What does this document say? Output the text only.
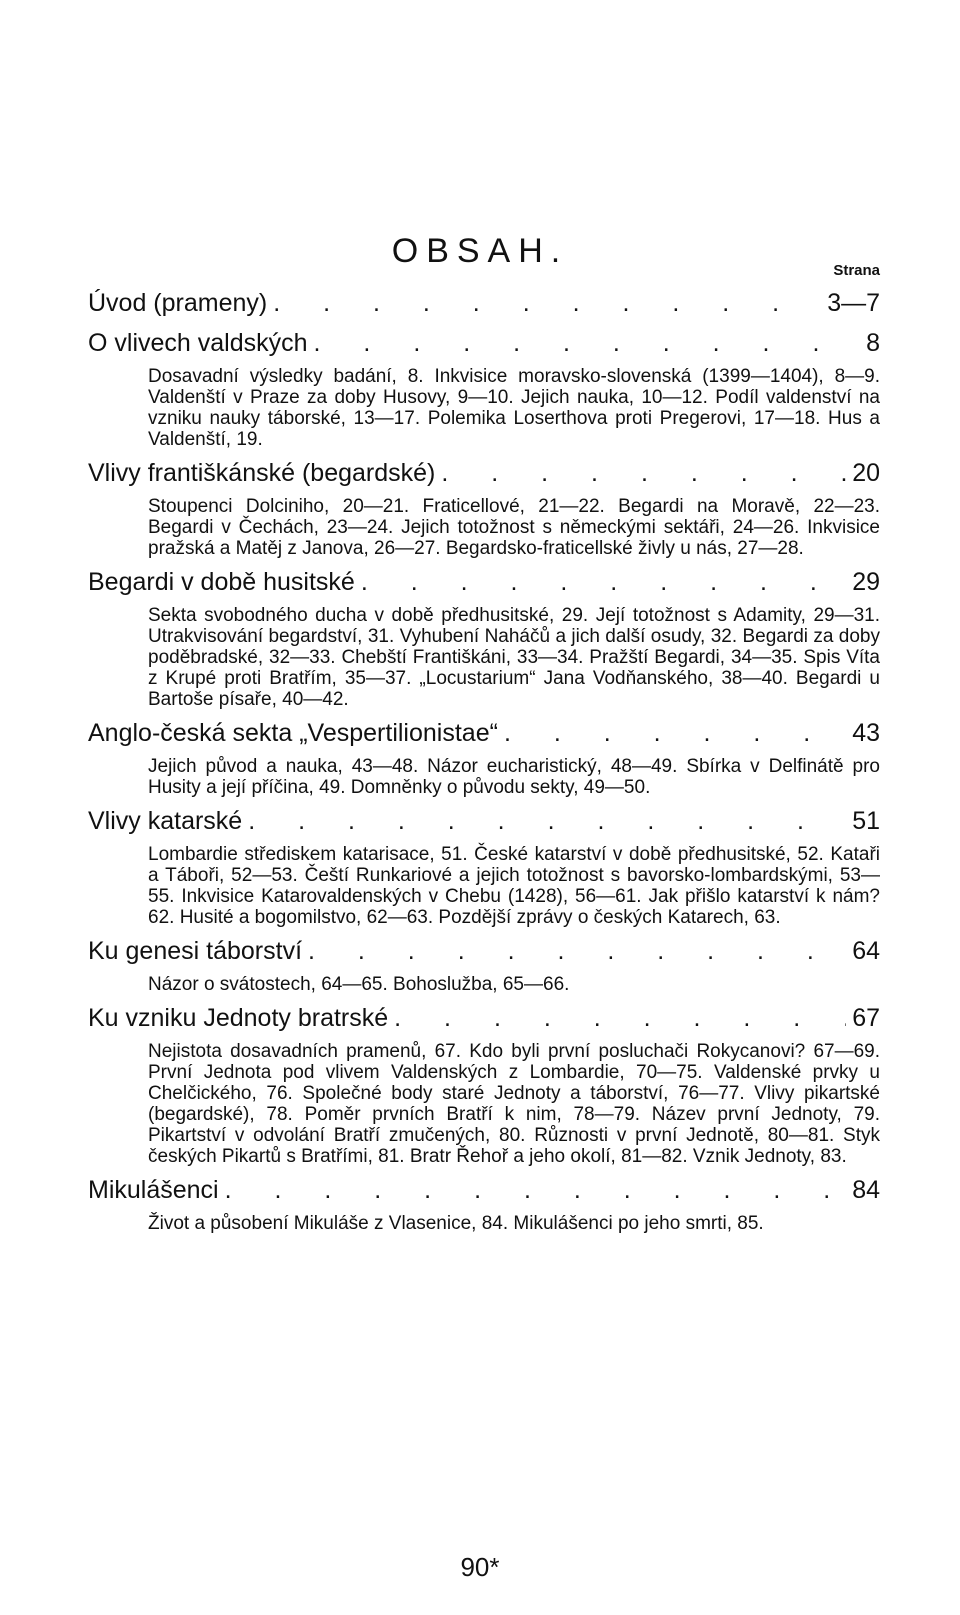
OBSAH.
Strana
Úvod (prameny) . . .	3—7
O vlivech valdských . . .	8
Dosavadní výsledky badání, 8. Inkvisice moravsko-slovenská (1399—1404), 8—9. Valdenští v Praze za doby Husovy, 9—10. Jejich nauka, 10—12. Podíl valdenství na vzniku nauky táborské, 13—17. Polemika Loserthova proti Pregerovi, 17—18. Hus a Valdenští, 19.
Vlivy františkánské (begardské) . . .	20
Stoupenci Dolciniho, 20—21. Fraticellové, 21—22. Begardi na Moravě, 22—23. Begardi v Čechách, 23—24. Jejich totožnost s německými sektáři, 24—26. Inkvisice pražská a Matěj z Janova, 26—27. Begardsko-fraticellské živly u nás, 27—28.
Begardi v době husitské . . .	29
Sekta svobodného ducha v době předhusitské, 29. Její totožnost s Adamity, 29—31. Utrakvisování begardství, 31. Vyhubení Naháčů a jich další osudy, 32. Begardi za doby poděbradské, 32—33. Chebští Františkáni, 33—34. Pražští Begardi, 34—35. Spis Víta z Krupé proti Bratřím, 35—37. „Locustarium“ Jana Vodňanského, 38—40. Begardi u Bartoše písaře, 40—42.
Anglo-česká sekta „Vespertilionistae“ . . .	43
Jejich původ a nauka, 43—48. Názor eucharistický, 48—49. Sbírka v Delfinátě pro Husity a její příčina, 49. Domněnky o původu sekty, 49—50.
Vlivy katarské . . .	51
Lombardie střediskem katarisace, 51. České katarství v době předhusitské, 52. Kataři a Táboři, 52—53. Čeští Runkariové a jejich totožnost s bavorsko-lombardskými, 53—55. Inkvisice Katarovaldenských v Chebu (1428), 56—61. Jak přišlo katarství k nám? 62. Husité a bogomilstvo, 62—63. Pozdější zprávy o českých Katarech, 63.
Ku genesi táborství . . .	64
Názor o svátostech, 64—65. Bohoslužba, 65—66.
Ku vzniku Jednoty bratrské . . .	67
Nejistota dosavadních pramenů, 67. Kdo byli první posluchači Rokycanovi? 67—69. První Jednota pod vlivem Valdenských z Lombardie, 70—75. Valdenské prvky u Chelčického, 76. Společné body staré Jednoty a táborství, 76—77. Vlivy pikartské (begardské), 78. Poměr prvních Bratří k nim, 78—79. Název první Jednoty, 79. Pikartství v odvolání Bratří zmučených, 80. Různosti v první Jednotě, 80—81. Styk českých Pikartů s Bratřími, 81. Bratr Řehoř a jeho okolí, 81—82. Vznik Jednoty, 83.
Mikulášenci . . .	84
Život a působení Mikuláše z Vlasenice, 84. Mikulášenci po jeho smrti, 85.
90*
